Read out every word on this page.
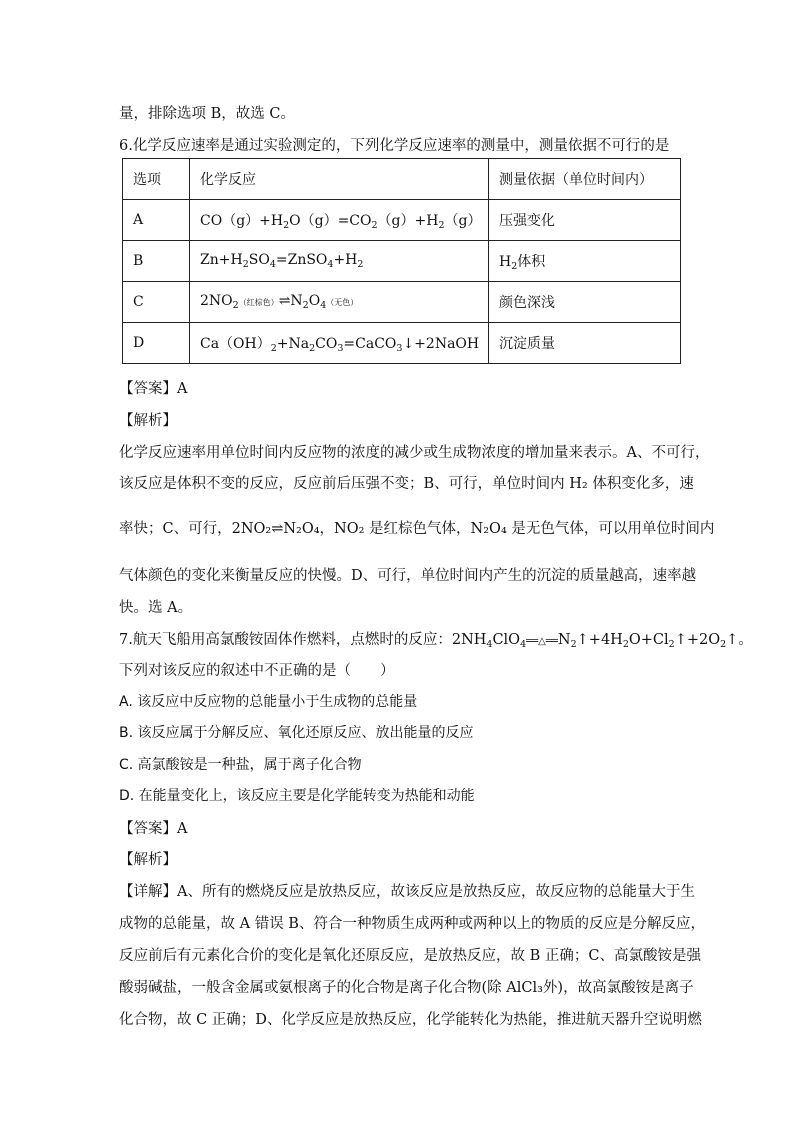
量，排除选项 B，故选 C。
6.化学反应速率是通过实验测定的，下列化学反应速率的测量中，测量依据不可行的是
选项	化学反应	测量依据（单位时间内）
A	$CO(g)+H_2O(g)=CO_2(g)+H_2(g)$	压强变化
B	$Zn+H_2SO_4=ZnSO_4+H_2$	$H_2$体积
C	$2NO_2$（红棕色）$\rightleftharpoons N_2O_4$（无色）	颜色深浅
D	$Ca(OH)_2+Na_2CO_3=CaCO_3↓+2NaOH$	沉淀质量
【答案】A
【解析】
化学反应速率用单位时间内反应物的浓度的减少或生成物浓度的增加量来表示。A、不可行，
该反应是体积不变的反应，反应前后压强不变；B、可行，单位时间内 H₂ 体积变化多，速
率快；C、可行，2NO₂⇌N₂O₄，NO₂ 是红棕色气体，N₂O₄ 是无色气体，可以用单位时间内
气体颜色的变化来衡量反应的快慢。D、可行，单位时间内产生的沉淀的质量越高，速率越
快。选 A。
7.航天飞船用高氯酸铵固体作燃料，点燃时的反应：$2NH_4ClO_4══\triangle══N_2↑+4H_2O+Cl_2↑+2O_2↑$。
下列对该反应的叙述中不正确的是（　　）
A. 该反应中反应物的总能量小于生成物的总能量
B. 该反应属于分解反应、氧化还原反应、放出能量的反应
C. 高氯酸铵是一种盐，属于离子化合物
D. 在能量变化上，该反应主要是化学能转变为热能和动能
【答案】A
【解析】
【详解】A、所有的燃烧反应是放热反应，故该反应是放热反应，故反应物的总能量大于生
成物的总能量，故 A 错误 B、符合一种物质生成两种或两种以上的物质的反应是分解反应，
反应前后有元素化合价的变化是氧化还原反应，是放热反应，故 B 正确；C、高氯酸铵是强
酸弱碱盐，一般含金属或氨根离子的化合物是离子化合物(除 AlCl₃外)，故高氯酸铵是离子
化合物，故 C 正确；D、化学反应是放热反应，化学能转化为热能，推进航天器升空说明燃
